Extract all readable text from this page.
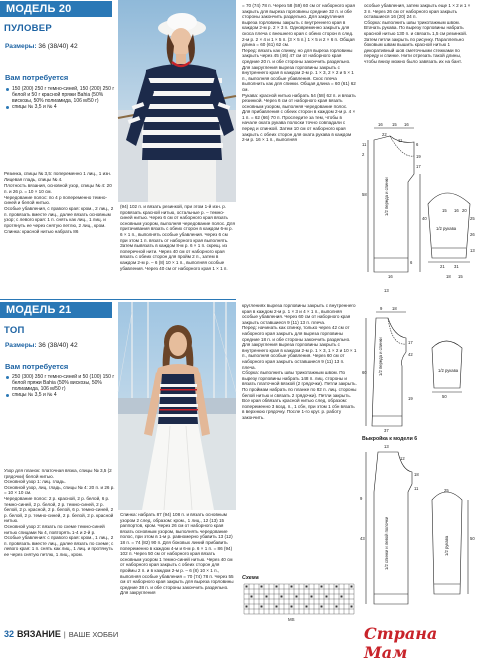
МОДЕЛЬ 20
ПУЛОВЕР
Размеры: 36 (38/40) 42
Вам потребуется
150 (200) 250 г темно-синей, 150 (200) 250 г белой и 50 г красной пряжи Bahia (50% вискозы, 50% полиамида, 106 м/50 г)
спицы № 3,5 и № 4

Резинка, спицы № 3,5: попеременно 1 лиц., 1 изн.

Лицевая гладь, спицы № 4.

Плотность вязания, основной узор, спицы № 4: 20 п. и 26 р. = 10 × 10 см.

Чередование полос: по 4 р попеременно темно-синей и белой нитью.

Особые убавления, с правого края: кром., 2 лиц., 2 п. провязать вместе лиц., далее вязать основным узор; с левого края: 1 п. снять как лиц., 1 лиц. и протянуть ее через снятую петлю, 2 лиц., кром.

Спинка: красной нитью набрать 86

(94) 102 п. и вязать резинкой, при этом 1-й изн. р. провязать красной нитью, остальные р. – темно-синей нитью. Через 6 см от наборного края вязать основным узором, выполняя чередование полос. Для притачивания вязать с обеих сторон в каждом 6-м р. 6 × 1 п., выполнять особые убавления. Через 6 см при этом 1 п. вязать от наборного края выполнять. Затем вывязать в каждом 8-м р. 6 × 1 п. скрещ. из поперечной нити. Через 40 см от наборного края вязать с обеих сторон для пройм 2 п., затем в каждом 2-м р. – 6 (8) 10 × 1 п., выполняя особые убавления. Через 40 см от наборного края 1 × 1 п.
= 70 (74) 78 п. Через 58 (59) 60 см от наборного края закрыть для выреза горловины средние 32 п. и обе стороны закончить раздельно. Для закругления выреза горловины закрыть с внутреннего края в каждом 2-м р. 2 × 3 п. Одновременно закрыть для скоса плеча с внешнего края с обеих сторон в след. 2-м р. 2 × 4 и 1 × 5 п. (3 × 5 п.) 1 × 5 и 2 × 6 п. Общая длина = 60 (61) 62 см.
Перед: вязать как спинку, но для выреза горловины закрыть через 45 (46) 47 см от наборного края средние 20 п. и обе стороны закончить раздельно. Для закругления выреза горловины закрыть с внутреннего края в каждом 2-м р. 1 × 3, 2 × 2 и 5 × 1 п., выполняя особые убавления. Скос плеча выполнить как для спинки. Общая длина = 60 (61) 62 см.
Рукава: красной нитью набрать 54 (58) 62 п. и вязать резинкой. Через 6 см от наборного края вязать основным узором, выполняя чередование полос. Для прибавления с обеих сторон в каждом 2-м р. 4 × 1 п. = 62 (66) 70 п. Проследите за тем, чтобы в начале оката рукава полоски точно совпадали с перед и спинкой. Затем 10 см от наборного края закрыть с обеих сторон для оката рукава в каждом 2-м р. 16 × 1 п., выполняя
особые убавления, затем закрыть еще 1 × 2 и 1 × 3 п. Через 26 см от наборного края закрыть оставшиеся 16 (20) 24 п.
Сборка: выполнить швы трикотажным швом. Втачать рукава. По вырезу горловины набрать красной нитью 130 п. и связать 1,5 см резинкой. Затем петли закрыть по рисунку. Параллельно боковым швам вышить красной нитью 1 декоративный шов сметочными стежками по переду и спинке. Нити отрезать такой длины, чтобы внизу можно было завязать их на бант.
1/2 переда и спинки
1/2 рукава
16 15 16
22
11
6
19
17
11
2
58
40
15 16 20
25
26
13
16
6
21 31
13
18 15
МОДЕЛЬ 21
ТОП
Размеры: 36 (38/40) 42
Вам потребуется
250 (300) 350 г темно-синей и 50 (100) 150 г белой пряжи Bahia (50% вискозы, 50% полиамида, 106 м/50 г)
спицы № 3,5 и № 4
Узор для планок: платочная вязка, спицы № 3,5 (2 грядочки) белой нитью.
Основной узор 1: лиц. гладь.
Основной узор, лиц. гладь, спицы № 4: 20 п. и 26 р. = 10 × 10 см.
Чередование полос: 2 р. красной, 2 р. белой, 6 р. темно-синей, 2 р. белой, 2 р. темно-синей, 2 р. белой, 2 р. красной, 2 р. белой, 6 р. темно-синей, 2 р. белой, 2 р. темно-синей, 2 р. белой, 2 р. красной нитью.
Основной узор 2: вязать по схеме темно-синей нитью спицами № 4, повторять 1-4 и 2-й р.
Особые убавления: с правого края: кром., 1 лиц., 2 п. провязать вместе лиц., далее вязать по схеме; с левого края: 1 п. снять как лиц., 1 лиц. и протянуть ее через снятую петлю, 1 лиц., кром.
Спинка: набрать 87 (94) 108 п. и вязать основным узором 2 след. образом: кром., 1 лиц., 12 (13) 15 раппортов, кром. Через 26 см от наборного края вязать основным узором, выполнять чередование полос, при этом в 1-м р. равномерно убавить 13 (12) 18 п. = 74 (82) 90 п. Для боковых линий прибавить попеременно в каждом 4-м и 6-м р. 6 × 1 п. = 86 (94) 102 п. Через 50 см от наборного края вязать основным узором 1 темно-синей нитью. Через 40 см от наборного края закрыть с обеих сторон для проймы 2 п. и в каждом 2-м р. – 6 (8) 10 × 1 п., выполняя особые убавления = 70 (74) 78 п. Через 55 см от наборного края закрыть для выреза горловины средние 38 п. и обе стороны закончить раздельно. Для закругления
круглениях выреза горловины закрыть с внутреннего края в каждом 2-м р. 1 × 3 и 4 × 1 п., выполняя особые убавления. Через 60 см от наборного края закрыть оставшиеся 9 (11) 13 п. плеча.
Перед: начинать как спинку, только через 42 см от наборного края закрыть для выреза горловины средние 18 п. и обе стороны закончить раздельно. Для закругления выреза горловины закрыть с внутреннего края в каждом 2-м р. 1 × 3, 1 × 2 и 10 × 1 п., выполняя особые убавления. Через 60 см от наборного края закрыть оставшиеся 9 (11) 13 п. плеча.
Сборка: выполнить швы трикотажным швом. По вырезу горловины набрать 148 п. лиц. стороны и вязать платочной вязкой (2 грядочки). Петли закрыть. По проймам набрать по планке по 82 п. лиц. стороны белой нитью и связать 2 грядочки). Петли закрыть. Все края обвязать красной нитью след. образом: попеременно 3 возд. п., 1 сбн, при этом 1 сбн вязать в верхнюю грядочку. После 1-го круг. р. работу закончить.
1/2 переда и спинки	1/2 рукава
9 18
17
42
60
19
37
50
Выкройка к модели 6
1/2 спинки и левой полочки	1/2 рукава
13
12
18
11
9
25
43	50
Схема
МS
32 ВЯЗАНИЕ | ВАШЕ ХОББИ	Страна Мам
